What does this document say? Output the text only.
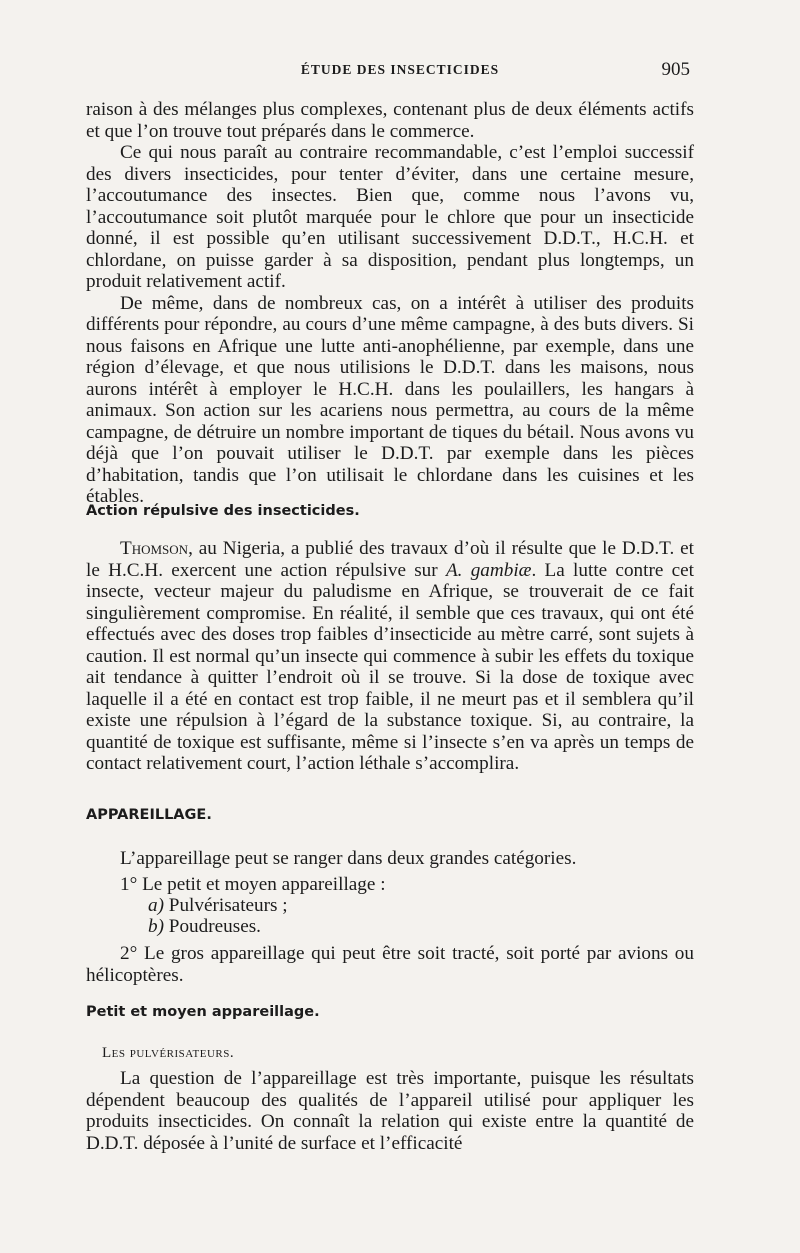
ÉTUDE DES INSECTICIDES	905

raison à des mélanges plus complexes, contenant plus de deux éléments actifs et que l’on trouve tout préparés dans le commerce.

Ce qui nous paraît au contraire recommandable, c’est l’emploi successif des divers insecticides, pour tenter d’éviter, dans une certaine mesure, l’accoutumance des insectes. Bien que, comme nous l’avons vu, l’accoutumance soit plutôt marquée pour le chlore que pour un insecticide donné, il est possible qu’en utilisant successivement D.D.T., H.C.H. et chlordane, on puisse garder à sa disposition, pendant plus longtemps, un produit relativement actif.

De même, dans de nombreux cas, on a intérêt à utiliser des produits différents pour répondre, au cours d’une même campagne, à des buts divers. Si nous faisons en Afrique une lutte anti-anophélienne, par exemple, dans une région d’élevage, et que nous utilisions le D.D.T. dans les maisons, nous aurons intérêt à employer le H.C.H. dans les poulaillers, les hangars à animaux. Son action sur les acariens nous permettra, au cours de la même campagne, de détruire un nombre important de tiques du bétail. Nous avons vu déjà que l’on pouvait utiliser le D.D.T. par exemple dans les pièces d’habitation, tandis que l’on utilisait le chlordane dans les cuisines et les étables.

Action répulsive des insecticides.

Thomson, au Nigeria, a publié des travaux d’où il résulte que le D.D.T. et le H.C.H. exercent une action répulsive sur A. gambiæ. La lutte contre cet insecte, vecteur majeur du paludisme en Afrique, se trouverait de ce fait singulièrement compromise. En réalité, il semble que ces travaux, qui ont été effectués avec des doses trop faibles d’insecticide au mètre carré, sont sujets à caution. Il est normal qu’un insecte qui commence à subir les effets du toxique ait tendance à quitter l’endroit où il se trouve. Si la dose de toxique avec laquelle il a été en contact est trop faible, il ne meurt pas et il semblera qu’il existe une répulsion à l’égard de la substance toxique. Si, au contraire, la quantité de toxique est suffisante, même si l’insecte s’en va après un temps de contact relativement court, l’action léthale s’accomplira.

APPAREILLAGE.
L’appareillage peut se ranger dans deux grandes catégories.
1° Le petit et moyen appareillage :
a) Pulvérisateurs ;
b) Poudreuses.

2° Le gros appareillage qui peut être soit tracté, soit porté par avions ou hélicoptères.

Petit et moyen appareillage.
Les pulvérisateurs.

La question de l’appareillage est très importante, puisque les résultats dépendent beaucoup des qualités de l’appareil utilisé pour appliquer les produits insecticides. On connaît la relation qui existe entre la quantité de D.D.T. déposée à l’unité de surface et l’efficacité
